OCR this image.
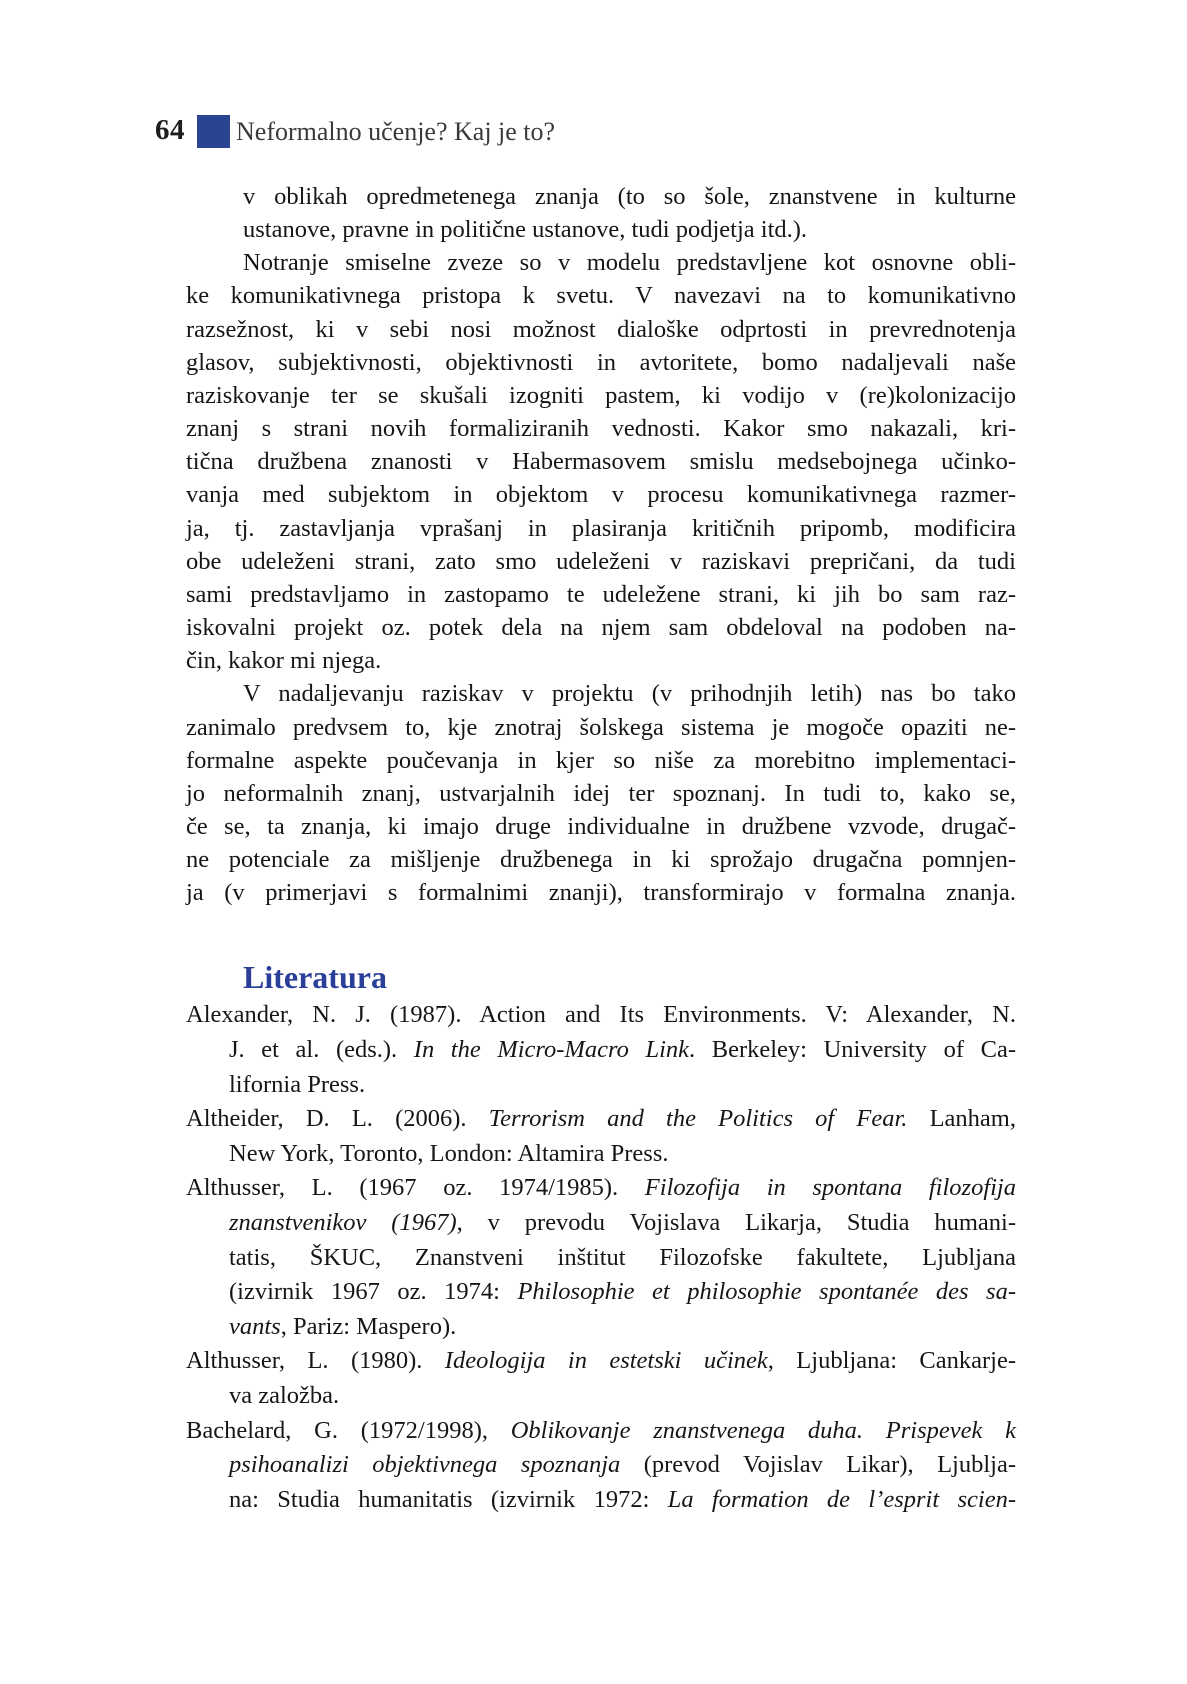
64 Neformalno učenje? Kaj je to?
v oblikah opredmetenega znanja (to so šole, znanstvene in kulturne
ustanove, pravne in politične ustanove, tudi podjetja itd.).
Notranje smiselne zveze so v modelu predstavljene kot osnovne obli-
ke komunikativnega pristopa k svetu. V navezavi na to komunikativno
razsežnost, ki v sebi nosi možnost dialoške odprtosti in prevrednotenja
glasov, subjektivnosti, objektivnosti in avtoritete, bomo nadaljevali naše
raziskovanje ter se skušali izogniti pastem, ki vodijo v (re)kolonizacijo
znanj s strani novih formaliziranih vednosti. Kakor smo nakazali, kri-
tična družbena znanosti v Habermasovem smislu medsebojnega učinko-
vanja med subjektom in objektom v procesu komunikativnega razmer-
ja, tj. zastavljanja vprašanj in plasiranja kritičnih pripomb, modificira
obe udeleženi strani, zato smo udeleženi v raziskavi prepričani, da tudi
sami predstavljamo in zastopamo te udeležene strani, ki jih bo sam raz-
iskovalni projekt oz. potek dela na njem sam obdeloval na podoben na-
čin, kakor mi njega.
V nadaljevanju raziskav v projektu (v prihodnjih letih) nas bo tako
zanimalo predvsem to, kje znotraj šolskega sistema je mogoče opaziti ne-
formalne aspekte poučevanja in kjer so niše za morebitno implementaci-
jo neformalnih znanj, ustvarjalnih idej ter spoznanj. In tudi to, kako se,
če se, ta znanja, ki imajo druge individualne in družbene vzvode, drugač-
ne potenciale za mišljenje družbenega in ki sprožajo drugačna pomnjen-
ja (v primerjavi s formalnimi znanji), transformirajo v formalna znanja.
Literatura
Alexander, N. J. (1987). Action and Its Environments. V: Alexander, N.
J. et al. (eds.). In the Micro-Macro Link. Berkeley: University of Ca-
lifornia Press.
Altheider, D. L. (2006). Terrorism and the Politics of Fear. Lanham,
New York, Toronto, London: Altamira Press.
Althusser, L. (1967 oz. 1974/1985). Filozofija in spontana filozofija
znanstvenikov (1967), v prevodu Vojislava Likarja, Studia humani-
tatis, ŠKUC, Znanstveni inštitut Filozofske fakultete, Ljubljana
(izvirnik 1967 oz. 1974: Philosophie et philosophie spontanée des sa-
vants, Pariz: Maspero).
Althusser, L. (1980). Ideologija in estetski učinek, Ljubljana: Cankarje-
va založba.
Bachelard, G. (1972/1998), Oblikovanje znanstvenega duha. Prispevek k
psihoanalizi objektivnega spoznanja (prevod Vojislav Likar), Ljublja-
na: Studia humanitatis (izvirnik 1972: La formation de l’esprit scien-
